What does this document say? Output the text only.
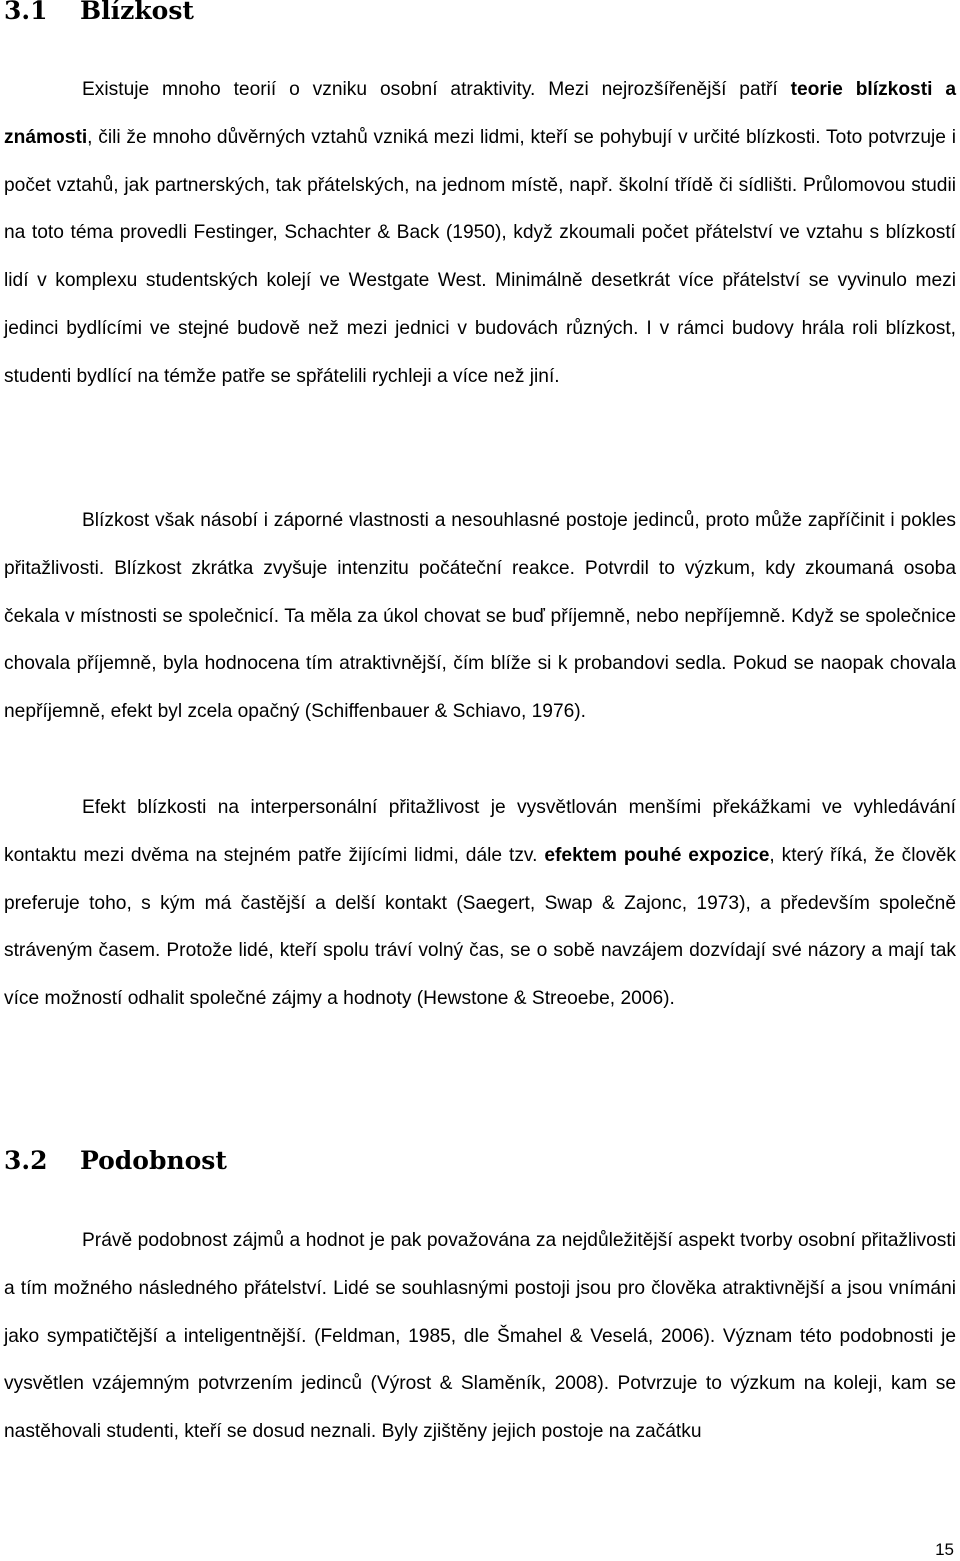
3.1 Blízkost

Existuje mnoho teorií o vzniku osobní atraktivity. Mezi nejrozšířenější patří teorie blízkosti a známosti, čili že mnoho důvěrných vztahů vzniká mezi lidmi, kteří se pohybují v určité blízkosti. Toto potvrzuje i počet vztahů, jak partnerských, tak přátelských, na jednom místě, např. školní třídě či sídlišti. Průlomovou studii na toto téma provedli Festinger, Schachter & Back (1950), když zkoumali počet přátelství ve vztahu s blízkostí lidí v komplexu studentských kolejí ve Westgate West. Minimálně desetkrát více přátelství se vyvinulo mezi jedinci bydlícími ve stejné budově než mezi jednici v budovách různých. I v rámci budovy hrála roli blízkost, studenti bydlící na témže patře se spřátelili rychleji a více než jiní.

Blízkost však násobí i záporné vlastnosti a nesouhlasné postoje jedinců, proto může zapříčinit i pokles přitažlivosti. Blízkost zkrátka zvyšuje intenzitu počáteční reakce. Potvrdil to výzkum, kdy zkoumaná osoba čekala v místnosti se společnicí. Ta měla za úkol chovat se buď příjemně, nebo nepříjemně. Když se společnice chovala příjemně, byla hodnocena tím atraktivnější, čím blíže si k probandovi sedla. Pokud se naopak chovala nepříjemně, efekt byl zcela opačný (Schiffenbauer & Schiavo, 1976).

Efekt blízkosti na interpersonální přitažlivost je vysvětlován menšími překážkami ve vyhledávání kontaktu mezi dvěma na stejném patře žijícími lidmi, dále tzv. efektem pouhé expozice, který říká, že člověk preferuje toho, s kým má častější a delší kontakt (Saegert, Swap & Zajonc, 1973), a především společně stráveným časem. Protože lidé, kteří spolu tráví volný čas, se o sobě navzájem dozvídají své názory a mají tak více možností odhalit společné zájmy a hodnoty (Hewstone & Streoebe, 2006).

3.2 Podobnost

Právě podobnost zájmů a hodnot je pak považována za nejdůležitější aspekt tvorby osobní přitažlivosti a tím možného následného přátelství. Lidé se souhlasnými postoji jsou pro člověka atraktivnější a jsou vnímáni jako sympatičtější a inteligentnější. (Feldman, 1985, dle Šmahel & Veselá, 2006). Význam této podobnosti je vysvětlen vzájemným potvrzením jedinců (Výrost & Slaměník, 2008). Potvrzuje to výzkum na koleji, kam se nastěhovali studenti, kteří se dosud neznali. Byly zjištěny jejich postoje na začátku

15
